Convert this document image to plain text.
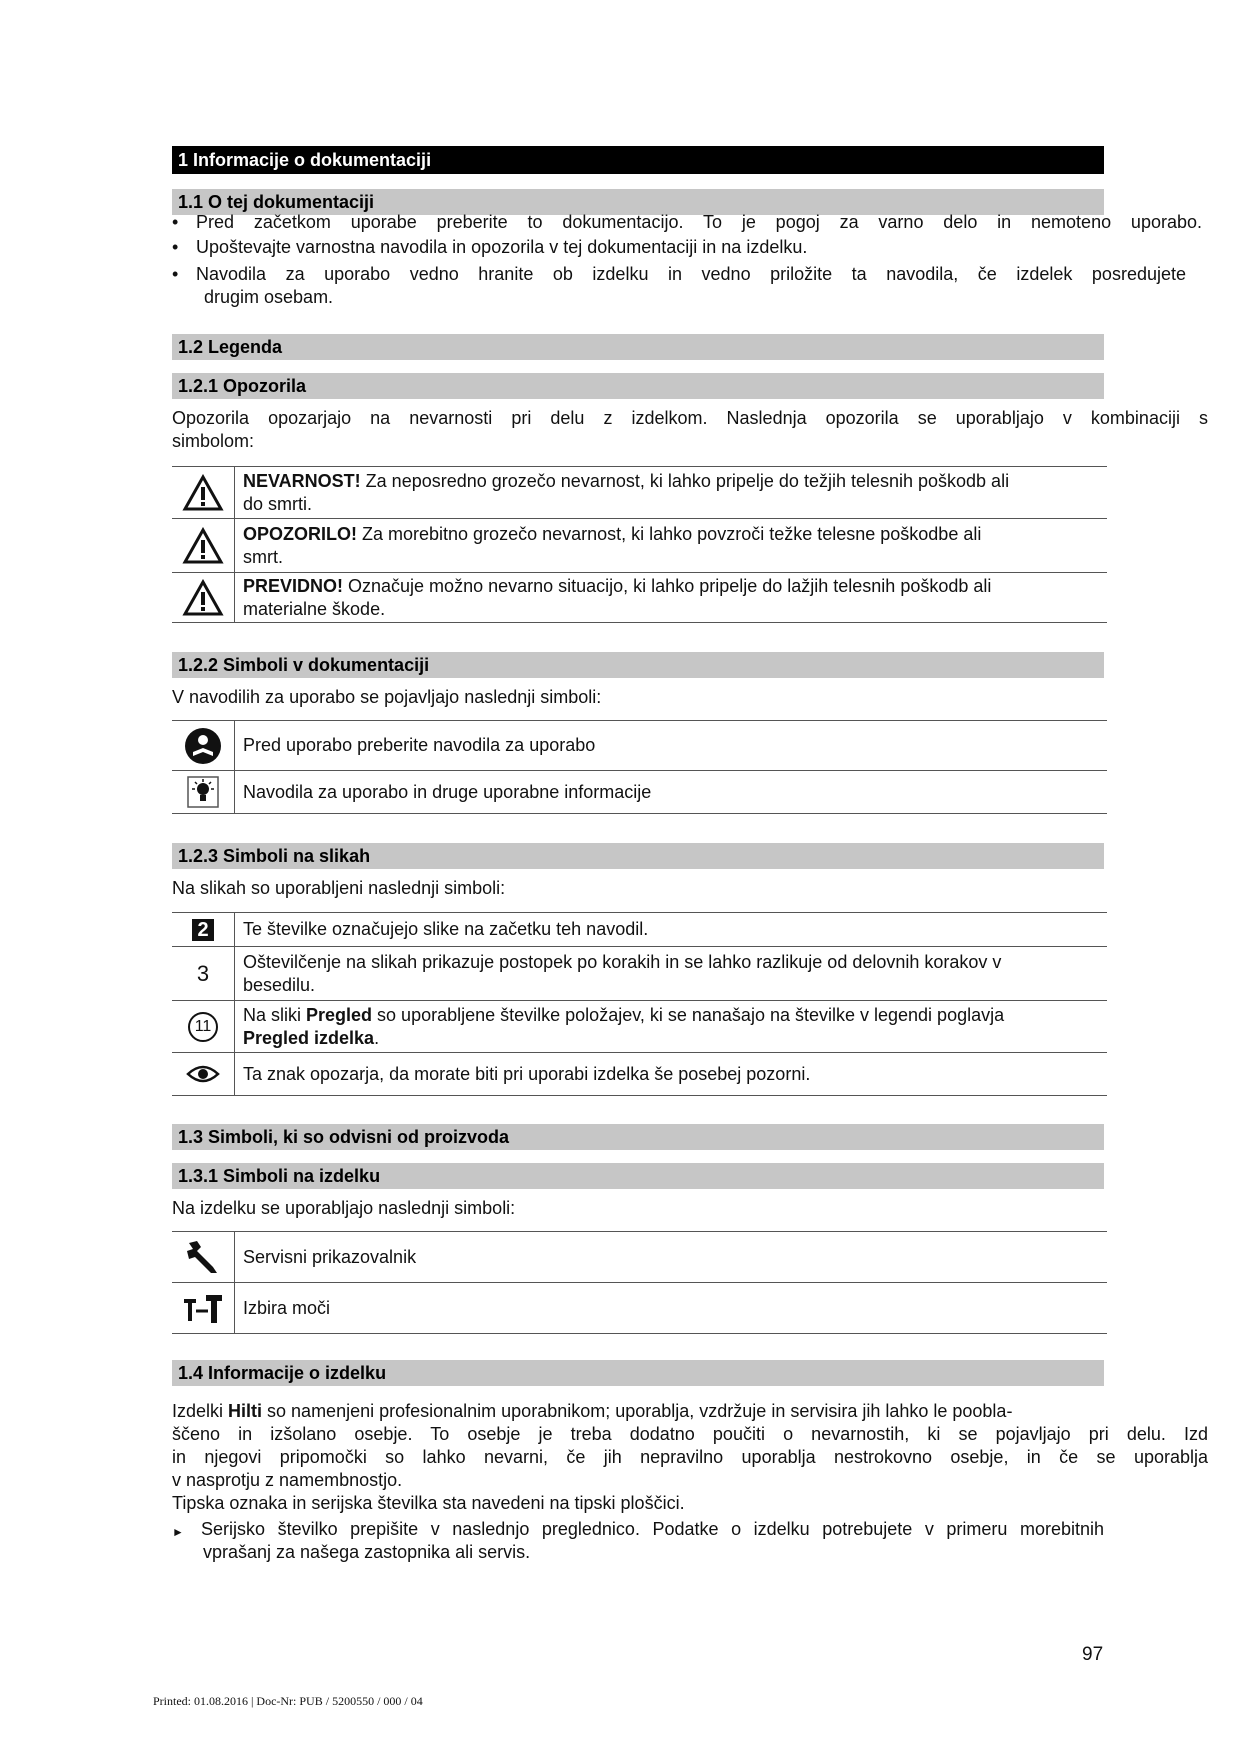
1 Informacije o dokumentaciji
1.1 O tej dokumentaciji
• Pred začetkom uporabe preberite to dokumentacijo. To je pogoj za varno delo in nemoteno uporabo.
• Upoštevajte varnostna navodila in opozorila v tej dokumentaciji in na izdelku.
• Navodila za uporabo vedno hranite ob izdelku in vedno priložite ta navodila, če izdelek posredujete
drugim osebam.
1.2 Legenda
1.2.1 Opozorila
Opozorila opozarjajo na nevarnosti pri delu z izdelkom. Naslednja opozorila se uporabljajo v kombinaciji s
simbolom:

NEVARNOST! Za neposredno grozečo nevarnost, ki lahko pripelje do težjih telesnih poškodb ali
do smrti.

OPOZORILO! Za morebitno grozečo nevarnost, ki lahko povzroči težke telesne poškodbe ali
smrt.

PREVIDNO! Označuje možno nevarno situacijo, ki lahko pripelje do lažjih telesnih poškodb ali
materialne škode.
1.2.2 Simboli v dokumentaciji
V navodilih za uporabo se pojavljajo naslednji simboli:
	Pred uporabo preberite navodila za uporabo

	Navodila za uporabo in druge uporabne informacije
1.2.3 Simboli na slikah
Na slikah so uporabljeni naslednji simboli:
2	Te številke označujejo slike na začetku teh navodil.
3	Oštevilčenje na slikah prikazuje postopek po korakih in se lahko razlikuje od delovnih korakov v
besedilu.

11	Na sliki Pregled so uporabljene številke položajev, ki se nanašajo na številke v legendi poglavja
Pregled izdelka.

	Ta znak opozarja, da morate biti pri uporabi izdelka še posebej pozorni.
1.3 Simboli, ki so odvisni od proizvoda
1.3.1 Simboli na izdelku
Na izdelku se uporabljajo naslednji simboli:
	Servisni prikazovalnik

	Izbira moči
1.4 Informacije o izdelku
Izdelki Hilti so namenjeni profesionalnim uporabnikom; uporablja, vzdržuje in servisira jih lahko le poobla-
ščeno in izšolano osebje. To osebje je treba dodatno poučiti o nevarnostih, ki se pojavljajo pri delu. Izd
in njegovi pripomočki so lahko nevarni, če jih nepravilno uporablja nestrokovno osebje, in če se uporablja
v nasprotju z namembnostjo.
Tipska oznaka in serijska številka sta navedeni na tipski ploščici.
► Serijsko številko prepišite v naslednjo preglednico. Podatke o izdelku potrebujete v primeru morebitnih
vprašanj za našega zastopnika ali servis.
97
Printed: 01.08.2016 | Doc-Nr: PUB / 5200550 / 000 / 04
